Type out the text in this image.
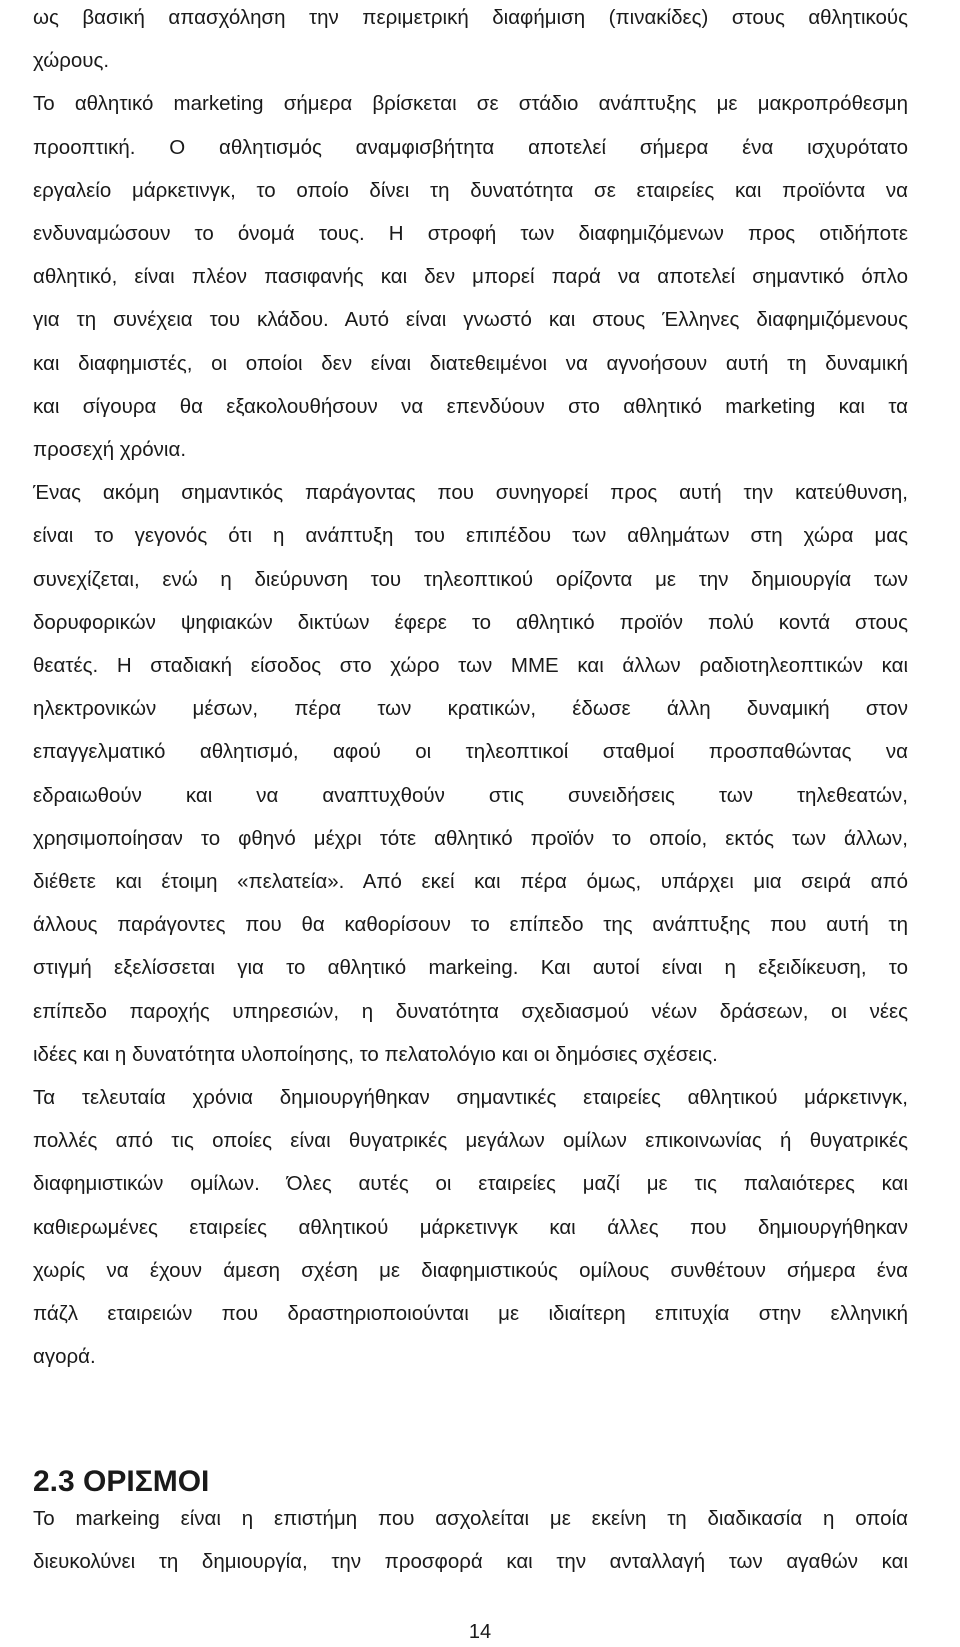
ως βασική απασχόληση την περιμετρική διαφήμιση (πινακίδες) στους αθλητικούς
χώρους.
Το αθλητικό marketing σήμερα βρίσκεται σε στάδιο ανάπτυξης με μακροπρόθεσμη
προοπτική. Ο αθλητισμός αναμφισβήτητα αποτελεί σήμερα ένα ισχυρότατο
εργαλείο μάρκετινγκ, το οποίο δίνει τη δυνατότητα σε εταιρείες και προϊόντα να
ενδυναμώσουν το όνομά τους. Η στροφή των διαφημιζόμενων προς οτιδήποτε
αθλητικό, είναι πλέον πασιφανής και δεν μπορεί παρά να αποτελεί σημαντικό όπλο
για τη συνέχεια του κλάδου. Αυτό είναι γνωστό και στους Έλληνες διαφημιζόμενους
και διαφημιστές, οι οποίοι δεν είναι διατεθειμένοι να αγνοήσουν αυτή τη δυναμική
και σίγουρα θα εξακολουθήσουν να επενδύουν στο αθλητικό marketing και τα
προσεχή χρόνια.
Ένας ακόμη σημαντικός παράγοντας που συνηγορεί προς αυτή την κατεύθυνση,
είναι το γεγονός ότι η ανάπτυξη του επιπέδου των αθλημάτων στη χώρα μας
συνεχίζεται, ενώ η διεύρυνση του τηλεοπτικού ορίζοντα με την δημιουργία των
δορυφορικών ψηφιακών δικτύων έφερε το αθλητικό προϊόν πολύ κοντά στους
θεατές. Η σταδιακή είσοδος στο χώρο των ΜΜΕ και άλλων ραδιοτηλεοπτικών και
ηλεκτρονικών μέσων, πέρα των κρατικών, έδωσε άλλη δυναμική στον
επαγγελματικό αθλητισμό, αφού οι τηλεοπτικοί σταθμοί προσπαθώντας να
εδραιωθούν και να αναπτυχθούν στις συνειδήσεις των τηλεθεατών,
χρησιμοποίησαν το φθηνό μέχρι τότε αθλητικό προϊόν το οποίο, εκτός των άλλων,
διέθετε και έτοιμη «πελατεία». Από εκεί και πέρα όμως, υπάρχει μια σειρά από
άλλους παράγοντες που θα καθορίσουν το επίπεδο της ανάπτυξης που αυτή τη
στιγμή εξελίσσεται για το αθλητικό markeing. Και αυτοί είναι η εξειδίκευση, το
επίπεδο παροχής υπηρεσιών, η δυνατότητα σχεδιασμού νέων δράσεων, οι νέες
ιδέες και η δυνατότητα υλοποίησης, το πελατολόγιο και οι δημόσιες σχέσεις.
Τα τελευταία χρόνια δημιουργήθηκαν σημαντικές εταιρείες αθλητικού μάρκετινγκ,
πολλές από τις οποίες είναι θυγατρικές μεγάλων ομίλων επικοινωνίας ή θυγατρικές
διαφημιστικών ομίλων. Όλες αυτές οι εταιρείες μαζί με τις παλαιότερες και
καθιερωμένες εταιρείες αθλητικού μάρκετινγκ και άλλες που δημιουργήθηκαν
χωρίς να έχουν άμεση σχέση με διαφημιστικούς ομίλους συνθέτουν σήμερα ένα
πάζλ εταιρειών που δραστηριοποιούνται με ιδιαίτερη επιτυχία στην ελληνική
αγορά.
2.3 ΟΡΙΣΜΟΙ
Το markeing είναι η επιστήμη που ασχολείται με εκείνη τη διαδικασία η οποία
διευκολύνει τη δημιουργία, την προσφορά και την ανταλλαγή των αγαθών και
14
